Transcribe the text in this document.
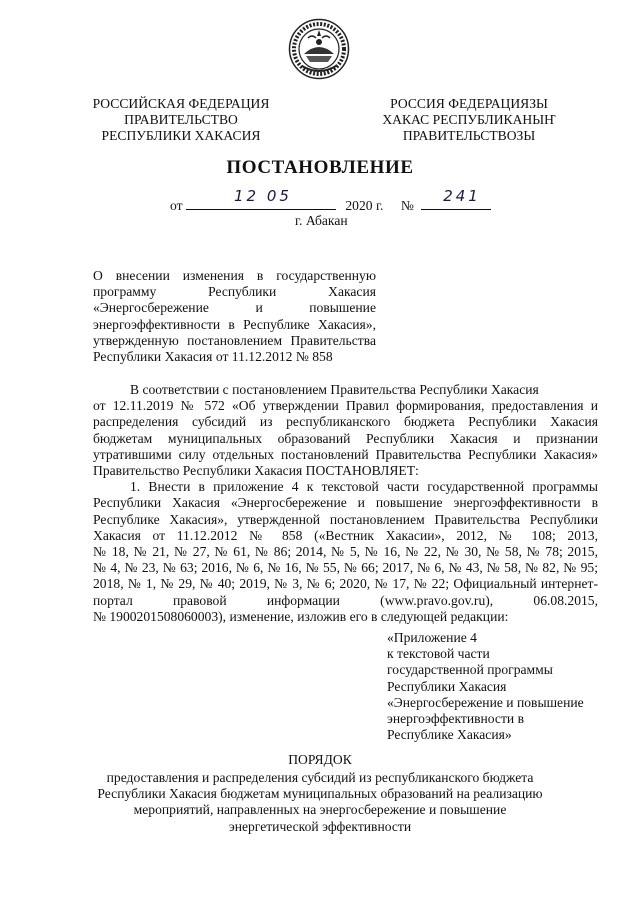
РОССИЙСКАЯ ФЕДЕРАЦИЯ
ПРАВИТЕЛЬСТВО
РЕСПУБЛИКИ ХАКАСИЯ
РОССИЯ ФЕДЕРАЦИЯЗЫ
ХАКАС РЕСПУБЛИКАНЫҤ
ПРАВИТЕЛЬСТВОЗЫ
ПОСТАНОВЛЕНИЕ
от
12 05
2020 г. №
241
г. Абакан
О внесении изменения в государственную
программу Республики Хакасия
«Энергосбережение и повышение
энергоэффективности в Республике Хакасия»,
утвержденную постановлением Правительства
Республики Хакасия от 11.12.2012 № 858
В соответствии с постановлением Правительства Республики Хакасия
от 12.11.2019 № 572 «Об утверждении Правил формирования, предоставления и
распределения субсидий из республиканского бюджета Республики Хакасия
бюджетам муниципальных образований Республики Хакасия и признании
утратившими силу отдельных постановлений Правительства Республики Хакасия»
Правительство Республики Хакасия ПОСТАНОВЛЯЕТ:
1. Внести в приложение 4 к текстовой части государственной программы
Республики Хакасия «Энергосбережение и повышение энергоэффективности в
Республике Хакасия», утвержденной постановлением Правительства Республики
Хакасия от 11.12.2012 № 858 («Вестник Хакасии», 2012, № 108; 2013,
№ 18, № 21, № 27, № 61, № 86; 2014, № 5, № 16, № 22, № 30, № 58, № 78; 2015,
№ 4, № 23, № 63; 2016, № 6, № 16, № 55, № 66; 2017, № 6, № 43, № 58, № 82, № 95;
2018, № 1, № 29, № 40; 2019, № 3, № 6; 2020, № 17, № 22; Официальный интернет-
портал правовой информации (www.pravo.gov.ru), 06.08.2015,
№ 1900201508060003), изменение, изложив его в следующей редакции:
«Приложение 4
к текстовой части
государственной программы
Республики Хакасия
«Энергосбережение и повышение
энергоэффективности в
Республике Хакасия»
ПОРЯДОК
предоставления и распределения субсидий из республиканского бюджета
Республики Хакасия бюджетам муниципальных образований на реализацию
мероприятий, направленных на энергосбережение и повышение
энергетической эффективности
